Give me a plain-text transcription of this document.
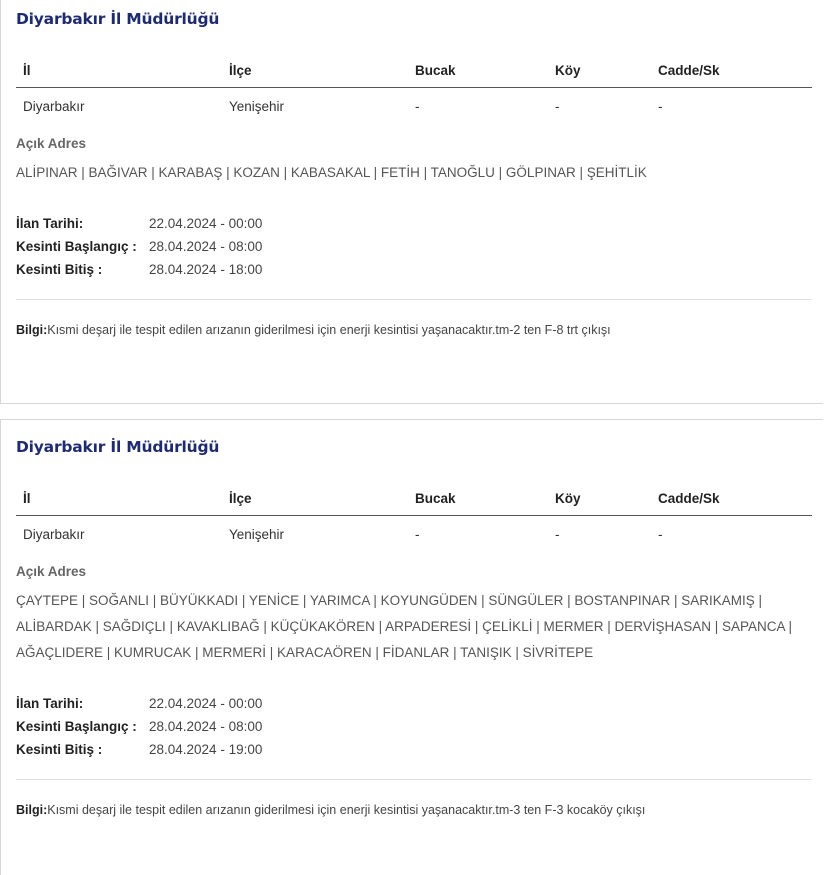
Diyarbakır İl Müdürlüğü
İl	İlçe	Bucak	Köy	Cadde/Sk
Diyarbakır	Yenişehir	-	-	-
Açık Adres
ALİPINAR | BAĞIVAR | KARABAŞ | KOZAN | KABASAKAL | FETİH | TANOĞLU | GÖLPINAR | ŞEHİTLİK
İlan Tarihi:	22.04.2024 - 00:00
Kesinti Başlangıç : 28.04.2024 - 08:00
Kesinti Bitiş :	28.04.2024 - 18:00
Bilgi:Kısmi deşarj ile tespit edilen arızanın giderilmesi için enerji kesintisi yaşanacaktır.tm-2 ten F-8 trt çıkışı
Diyarbakır İl Müdürlüğü
İl	İlçe	Bucak	Köy	Cadde/Sk
Diyarbakır	Yenişehir	-	-	-
Açık Adres
ÇAYTEPE | SOĞANLI | BÜYÜKKADI | YENİCE | YARIMCA | KOYUNGÜDEN | SÜNGÜLER | BOSTANPINAR | SARIKAMIŞ | ALİBARDAK | SAĞDIÇLI | KAVAKLIBAĞ | KÜÇÜKAKÖREN | ARPADERESİ | ÇELİKLİ | MERMER | DERVİŞHASAN | SAPANCA | AĞAÇLIDERE | KUMRUCAK | MERMERİ | KARACAÖREN | FİDANLAR | TANIŞIK | SİVRİTEPE
İlan Tarihi:	22.04.2024 - 00:00
Kesinti Başlangıç : 28.04.2024 - 08:00
Kesinti Bitiş :	28.04.2024 - 19:00
Bilgi:Kısmi deşarj ile tespit edilen arızanın giderilmesi için enerji kesintisi yaşanacaktır.tm-3 ten F-3 kocaköy çıkışı
